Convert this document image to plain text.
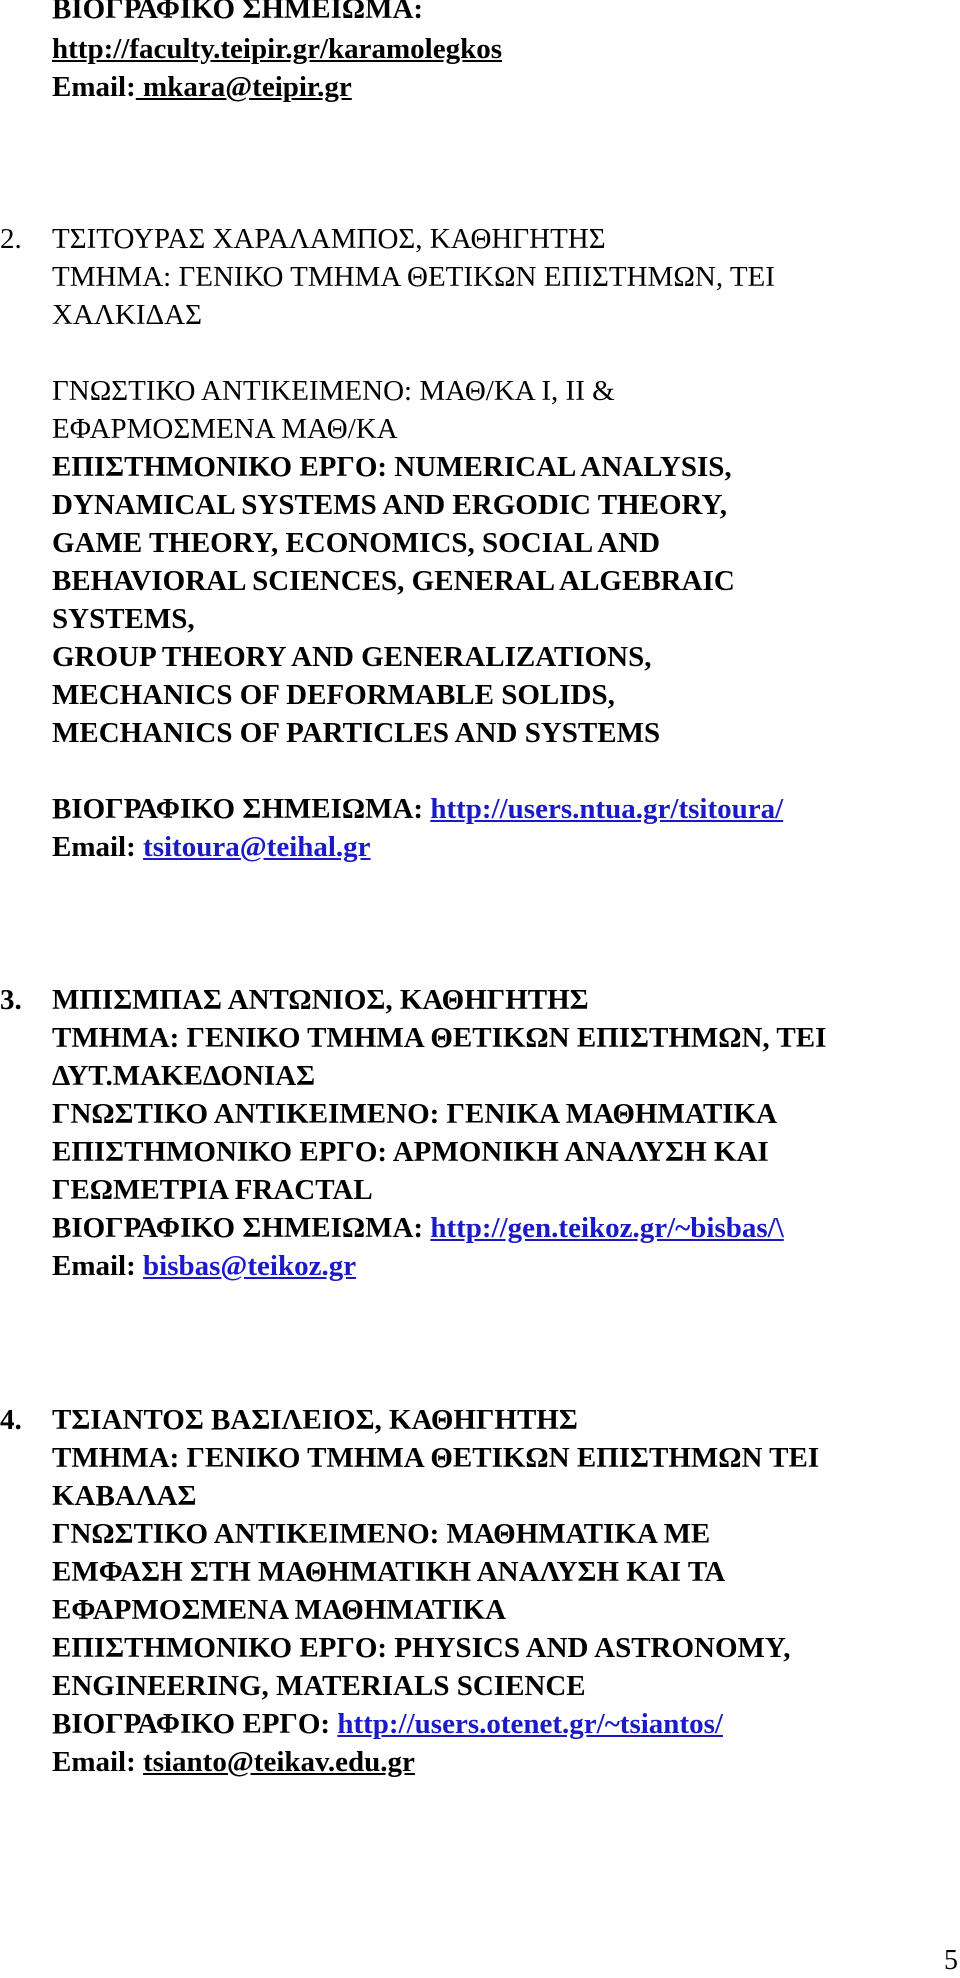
ΒΙΟΓΡΑΦΙΚΟ ΣΗΜΕΙΩΜΑ:
http://faculty.teipir.gr/karamolegkos
Email: mkara@teipir.gr
2. ΤΣΙΤΟΥΡΑΣ ΧΑΡΑΛΑΜΠΟΣ, ΚΑΘΗΓΗΤΗΣ
ΤΜΗΜΑ: ΓΕΝΙΚΟ ΤΜΗΜΑ ΘΕΤΙΚΩΝ ΕΠΙΣΤΗΜΩΝ, ΤΕΙ
ΧΑΛΚΙΔΑΣ
ΓΝΩΣΤΙΚΟ ΑΝΤΙΚΕΙΜΕΝΟ: ΜΑΘ/ΚΑ Ι, ΙΙ &
ΕΦΑΡΜΟΣΜΕΝΑ ΜΑΘ/ΚΑ
ΕΠΙΣΤΗΜΟΝΙΚΟ ΕΡΓΟ: NUMERICAL ANALYSIS,
DYNAMICAL SYSTEMS AND ERGODIC THEORY,
GAME THEORY, ECONOMICS, SOCIAL AND
BEHAVIORAL SCIENCES, GENERAL ALGEBRAIC
SYSTEMS,
GROUP THEORY AND GENERALIZATIONS,
MECHANICS OF DEFORMABLE SOLIDS,
MECHANICS OF PARTICLES AND SYSTEMS
ΒΙΟΓΡΑΦΙΚΟ ΣΗΜΕΙΩΜΑ: http://users.ntua.gr/tsitoura/
Email: tsitoura@teihal.gr
3. ΜΠΙΣΜΠΑΣ ΑΝΤΩΝΙΟΣ, ΚΑΘΗΓΗΤΗΣ
ΤΜΗΜΑ: ΓΕΝΙΚΟ ΤΜΗΜΑ ΘΕΤΙΚΩΝ ΕΠΙΣΤΗΜΩΝ, ΤΕΙ
ΔΥΤ.ΜΑΚΕΔΟΝΙΑΣ
ΓΝΩΣΤΙΚΟ ΑΝΤΙΚΕΙΜΕΝΟ: ΓΕΝΙΚΑ ΜΑΘΗΜΑΤΙΚΑ
ΕΠΙΣΤΗΜΟΝΙΚΟ ΕΡΓΟ: ΑΡΜΟΝΙΚΗ ΑΝΑΛΥΣΗ ΚΑΙ
ΓΕΩΜΕΤΡΙΑ FRACTAL
ΒΙΟΓΡΑΦΙΚΟ ΣΗΜΕΙΩΜΑ: http://gen.teikoz.gr/~bisbas/\
Email: bisbas@teikoz.gr
4. ΤΣΙΑΝΤΟΣ ΒΑΣΙΛΕΙΟΣ, ΚΑΘΗΓΗΤΗΣ
ΤΜΗΜΑ: ΓΕΝΙΚΟ ΤΜΗΜΑ ΘΕΤΙΚΩΝ ΕΠΙΣΤΗΜΩΝ ΤΕΙ
ΚΑΒΑΛΑΣ
ΓΝΩΣΤΙΚΟ ΑΝΤΙΚΕΙΜΕΝΟ: ΜΑΘΗΜΑΤΙΚΑ ΜΕ
ΕΜΦΑΣΗ ΣΤΗ ΜΑΘΗΜΑΤΙΚΗ ΑΝΑΛΥΣΗ ΚΑΙ ΤΑ
ΕΦΑΡΜΟΣΜΕΝΑ ΜΑΘΗΜΑΤΙΚΑ
ΕΠΙΣΤΗΜΟΝΙΚΟ ΕΡΓΟ: PHYSICS AND ASTRONOMY,
ENGINEERING, MATERIALS SCIENCE
ΒΙΟΓΡΑΦΙΚΟ ΕΡΓΟ: http://users.otenet.gr/~tsiantos/
Email: tsianto@teikav.edu.gr
5
